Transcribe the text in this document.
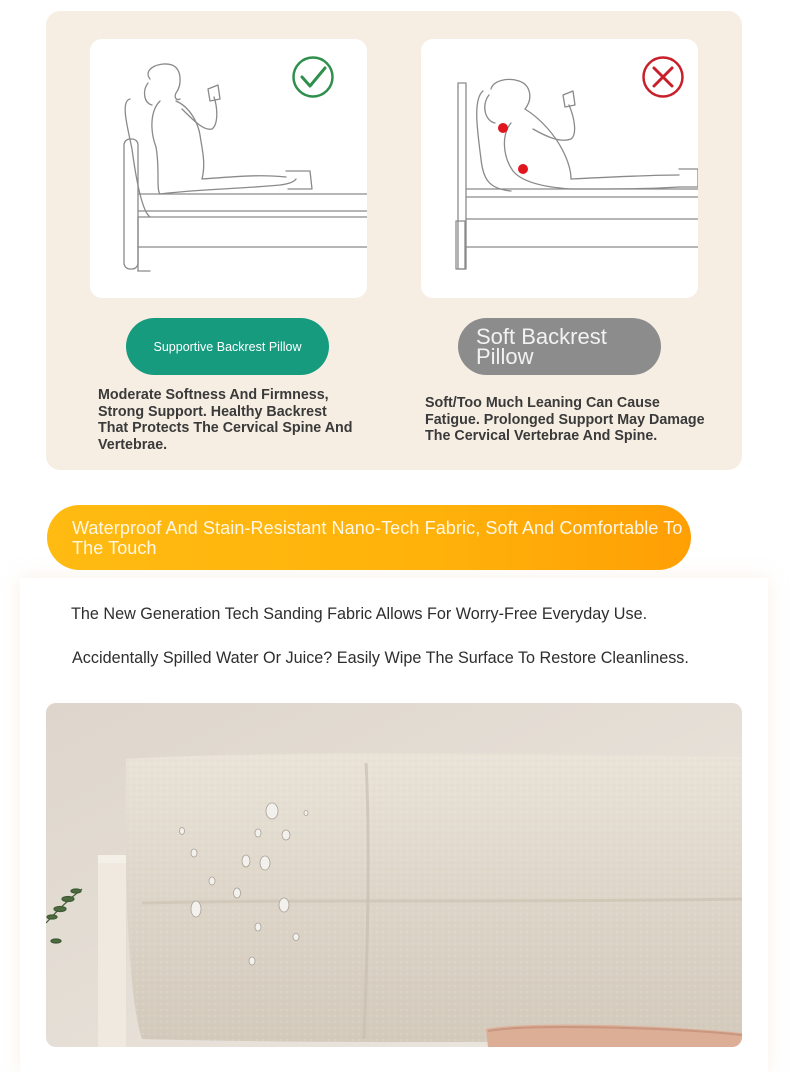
Supportive Backrest Pillow	Soft Backrest Pillow
Moderate Softness And Firmness, Strong Support. Healthy Backrest That Protects The Cervical Spine And Vertebrae.
Soft/Too Much Leaning Can Cause Fatigue. Prolonged Support May Damage The Cervical Vertebrae And Spine.
Waterproof And Stain-Resistant Nano-Tech Fabric, Soft And Comfortable To The Touch
The New Generation Tech Sanding Fabric Allows For Worry-Free Everyday Use.
Accidentally Spilled Water Or Juice? Easily Wipe The Surface To Restore Cleanliness.
